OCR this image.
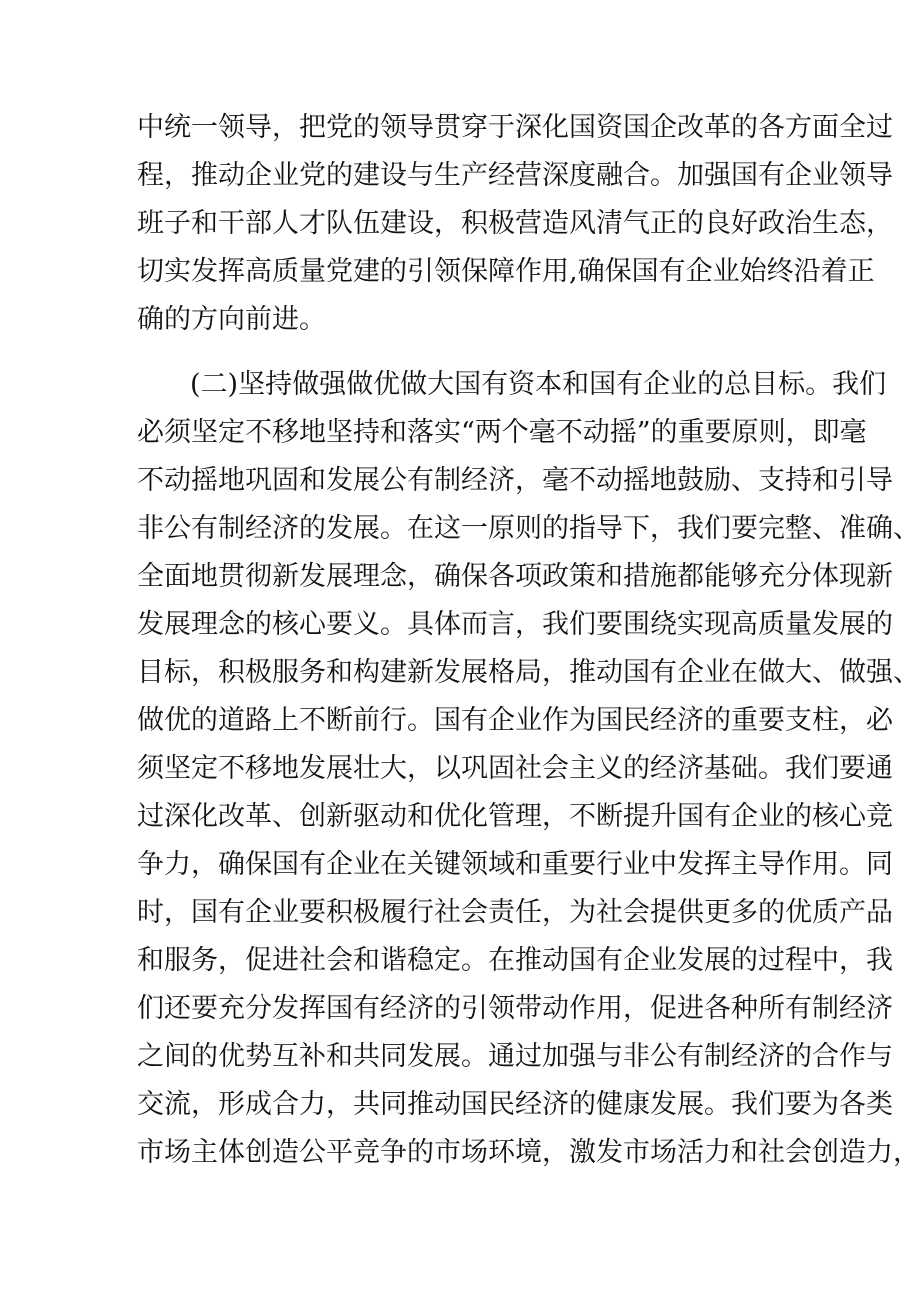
中统一领导，把党的领导贯穿于深化国资国企改革的各方面全过
程，推动企业党的建设与生产经营深度融合。加强国有企业领导
班子和干部人才队伍建设，积极营造风清气正的良好政治生态，
切实发挥高质量党建的引领保障作用,确保国有企业始终沿着正
确的方向前进。
(二)坚持做强做优做大国有资本和国有企业的总目标。我们
必须坚定不移地坚持和落实“两个毫不动摇”的重要原则，即毫
不动摇地巩固和发展公有制经济，毫不动摇地鼓励、支持和引导
非公有制经济的发展。在这一原则的指导下，我们要完整、准确、
全面地贯彻新发展理念，确保各项政策和措施都能够充分体现新
发展理念的核心要义。具体而言，我们要围绕实现高质量发展的
目标，积极服务和构建新发展格局，推动国有企业在做大、做强、
做优的道路上不断前行。国有企业作为国民经济的重要支柱，必
须坚定不移地发展壮大，以巩固社会主义的经济基础。我们要通
过深化改革、创新驱动和优化管理，不断提升国有企业的核心竞
争力，确保国有企业在关键领域和重要行业中发挥主导作用。同
时，国有企业要积极履行社会责任，为社会提供更多的优质产品
和服务，促进社会和谐稳定。在推动国有企业发展的过程中，我
们还要充分发挥国有经济的引领带动作用，促进各种所有制经济
之间的优势互补和共同发展。通过加强与非公有制经济的合作与
交流，形成合力，共同推动国民经济的健康发展。我们要为各类
市场主体创造公平竞争的市场环境，激发市场活力和社会创造力，
